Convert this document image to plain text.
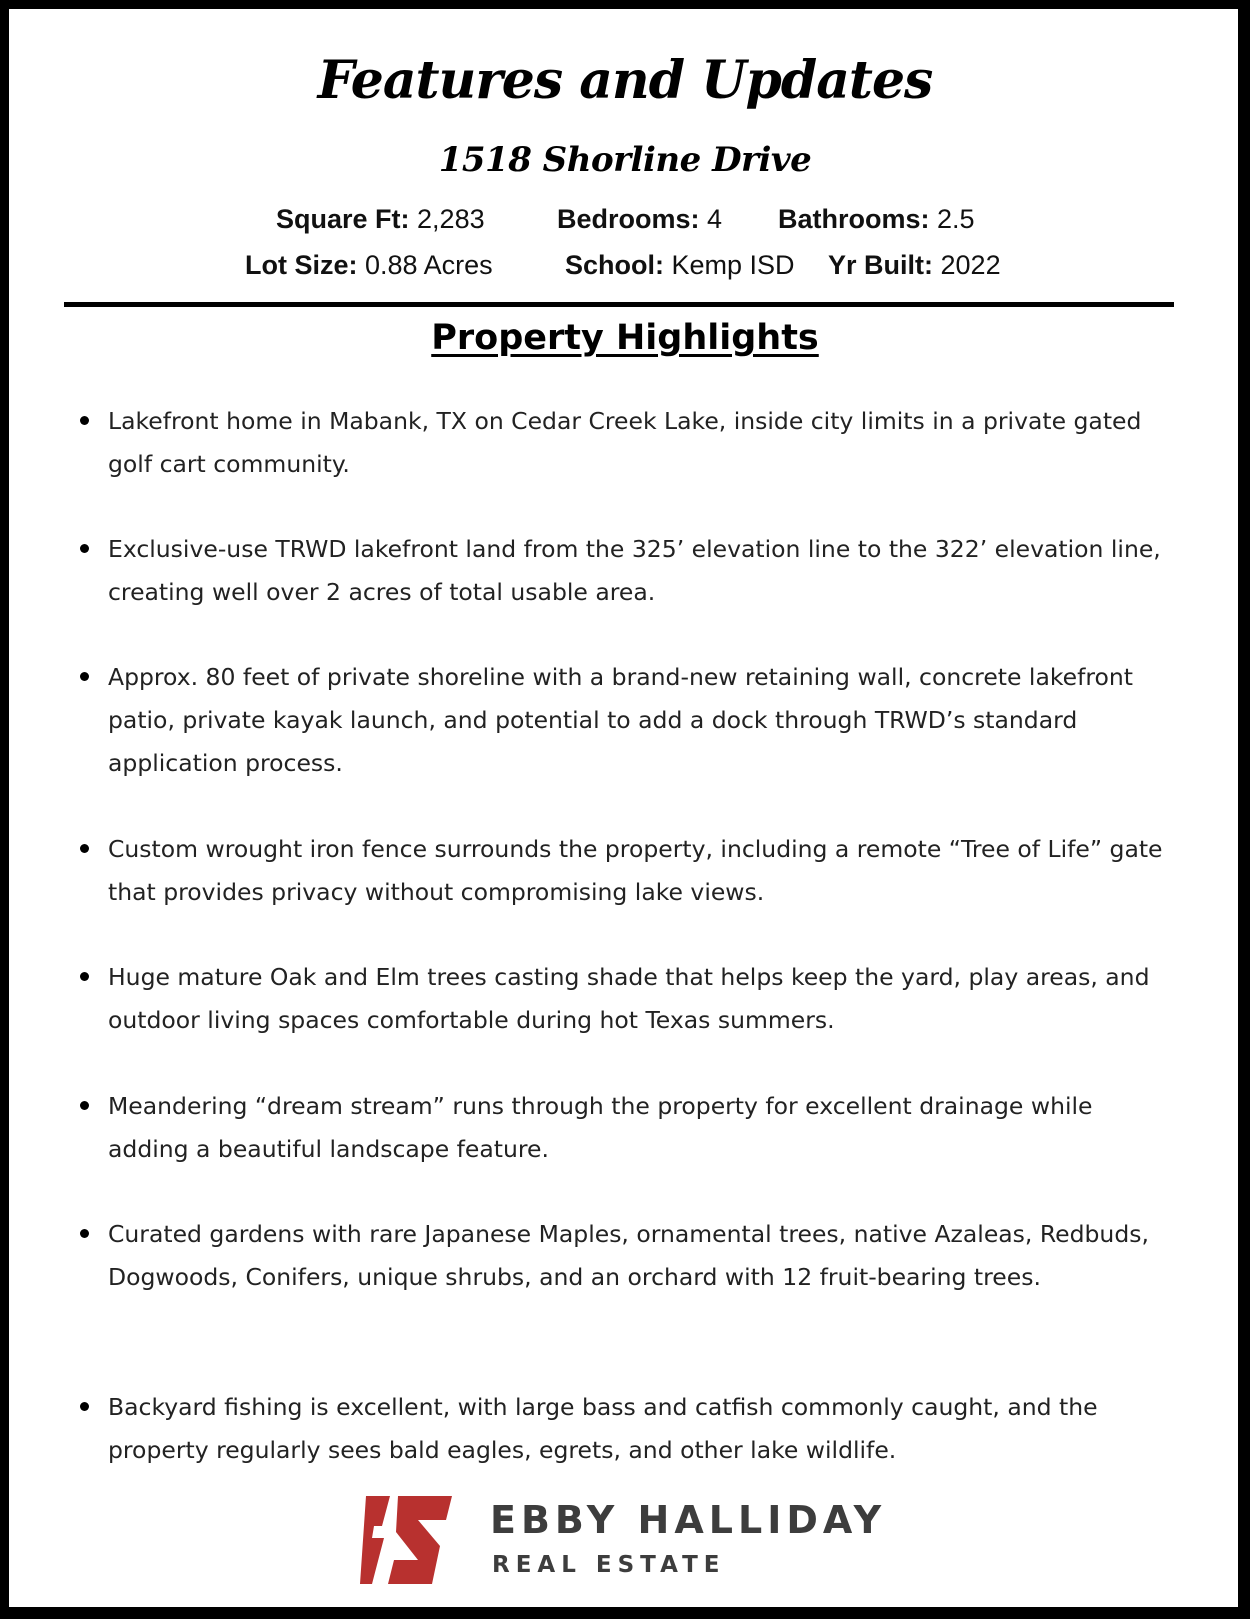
Features and Updates
1518 Shorline Drive
Square Ft: 2,283	Bedrooms: 4 Bathrooms: 2.5
Lot Size: 0.88 Acres	School: Kemp ISD Yr Built: 2022
Property Highlights
Lakefront home in Mabank, TX on Cedar Creek Lake, inside city limits in a private gated golf cart community.
Exclusive-use TRWD lakefront land from the 325’ elevation line to the 322’ elevation line, creating well over 2 acres of total usable area.
Approx. 80 feet of private shoreline with a brand-new retaining wall, concrete lakefront patio, private kayak launch, and potential to add a dock through TRWD’s standard application process.
Custom wrought iron fence surrounds the property, including a remote “Tree of Life” gate that provides privacy without compromising lake views.
Huge mature Oak and Elm trees casting shade that helps keep the yard, play areas, and outdoor living spaces comfortable during hot Texas summers.
Meandering “dream stream” runs through the property for excellent drainage while adding a beautiful landscape feature.
Curated gardens with rare Japanese Maples, ornamental trees, native Azaleas, Redbuds, Dogwoods, Conifers, unique shrubs, and an orchard with 12 fruit-bearing trees.
Backyard fishing is excellent, with large bass and catfish commonly caught, and the property regularly sees bald eagles, egrets, and other lake wildlife.
EBBY HALLIDAY
REAL ESTATE
